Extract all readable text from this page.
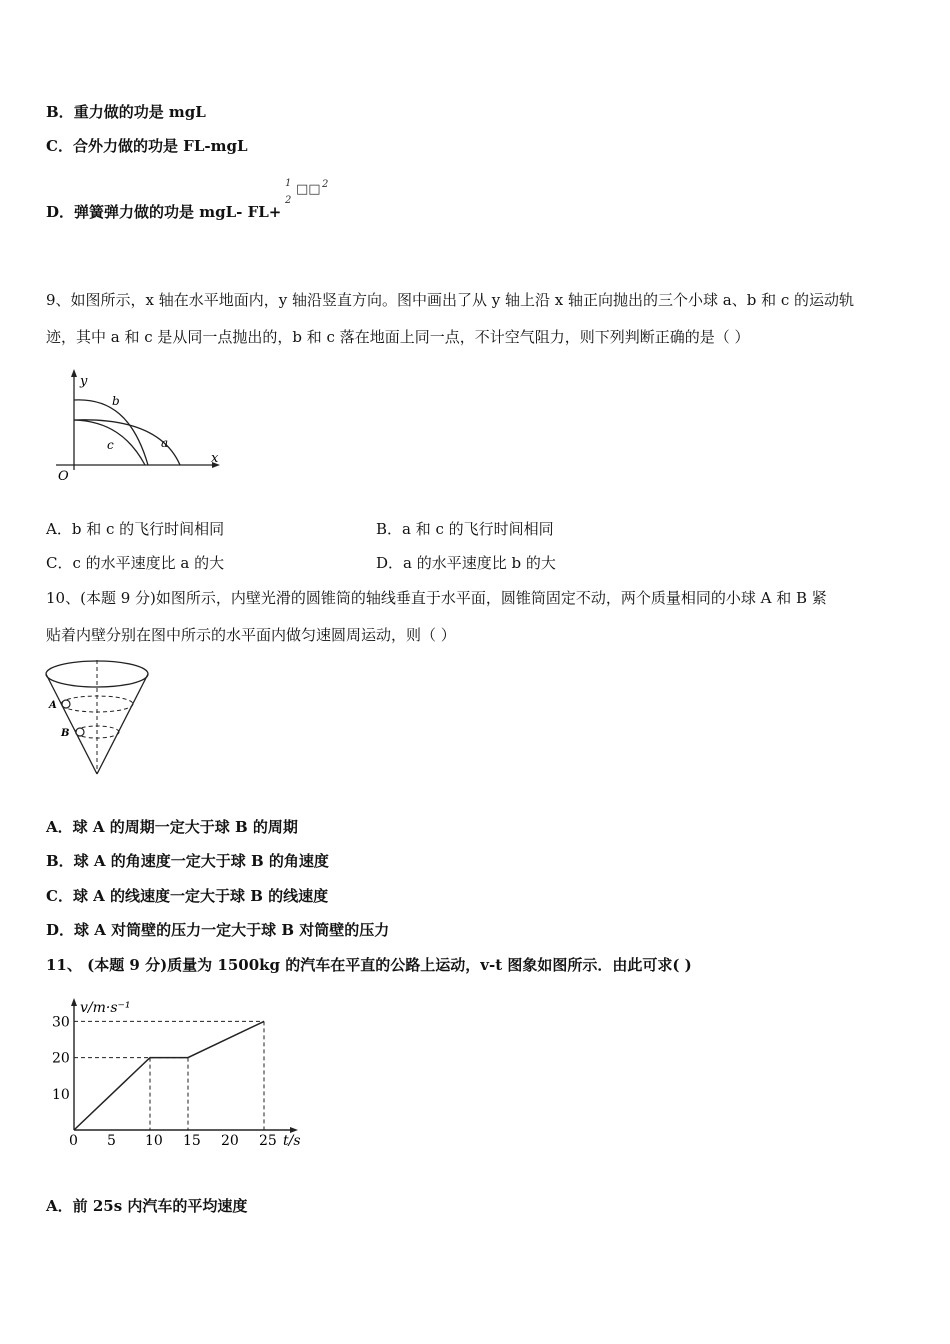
B．重力做的功是 mgL
C．合外力做的功是 FL-mgL
D．弹簧弹力做的功是 mgL- FL+
1
2
□□ 2
9、如图所示，x 轴在水平地面内，y 轴沿竖直方向。图中画出了从 y 轴上沿 x 轴正向抛出的三个小球 a、b 和 c 的运动轨
迹，其中 a 和 c 是从同一点抛出的，b 和 c 落在地面上同一点，不计空气阻力，则下列判断正确的是（ ）
y
x
O
b
c	a
A．b 和 c 的飞行时间相同	B．a 和 c 的飞行时间相同
C．c 的水平速度比 a 的大	D．a 的水平速度比 b 的大
10、(本题 9 分)如图所示，内壁光滑的圆锥筒的轴线垂直于水平面，圆锥筒固定不动，两个质量相同的小球 A 和 B 紧
贴着内壁分别在图中所示的水平面内做匀速圆周运动，则（ ）
A
B
A．球 A 的周期一定大于球 B 的周期
B．球 A 的角速度一定大于球 B 的角速度
C．球 A 的线速度一定大于球 B 的线速度
D．球 A 对筒壁的压力一定大于球 B 对筒壁的压力
11、 (本题 9 分)质量为 1500kg 的汽车在平直的公路上运动，v-t 图象如图所示．由此可求( )
v/m·s⁻¹
t/s
0 5 10 15 20 25
10
20
30
A．前 25s 内汽车的平均速度
